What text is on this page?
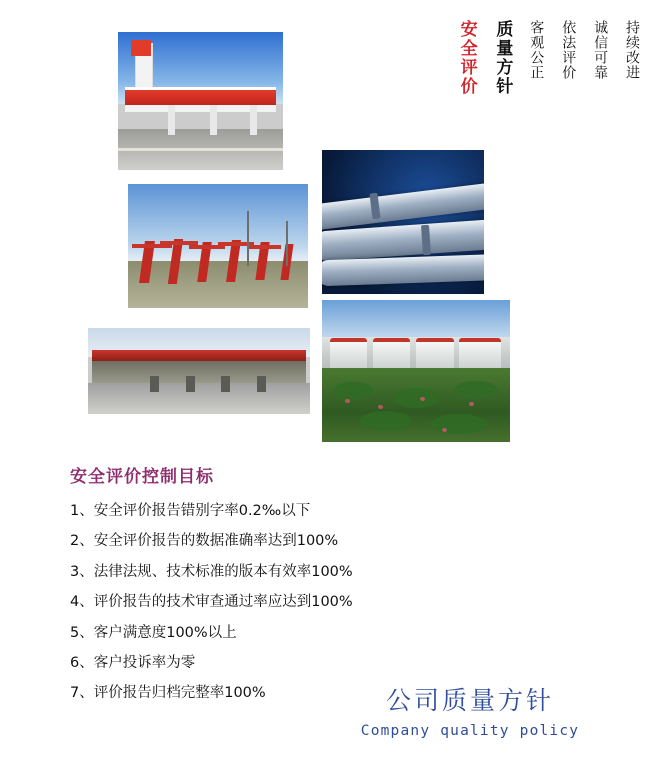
持续改进
诚信可靠
依法评价
客观公正
质量方针
安全评价
安全评价控制目标
1、安全评价报告错别字率0.2‰以下
2、安全评价报告的数据准确率达到100%
3、法律法规、技术标准的版本有效率100%
4、评价报告的技术审查通过率应达到100%
5、客户满意度100%以上
6、客户投诉率为零
7、评价报告归档完整率100%	公司质量方针
Company quality policy
